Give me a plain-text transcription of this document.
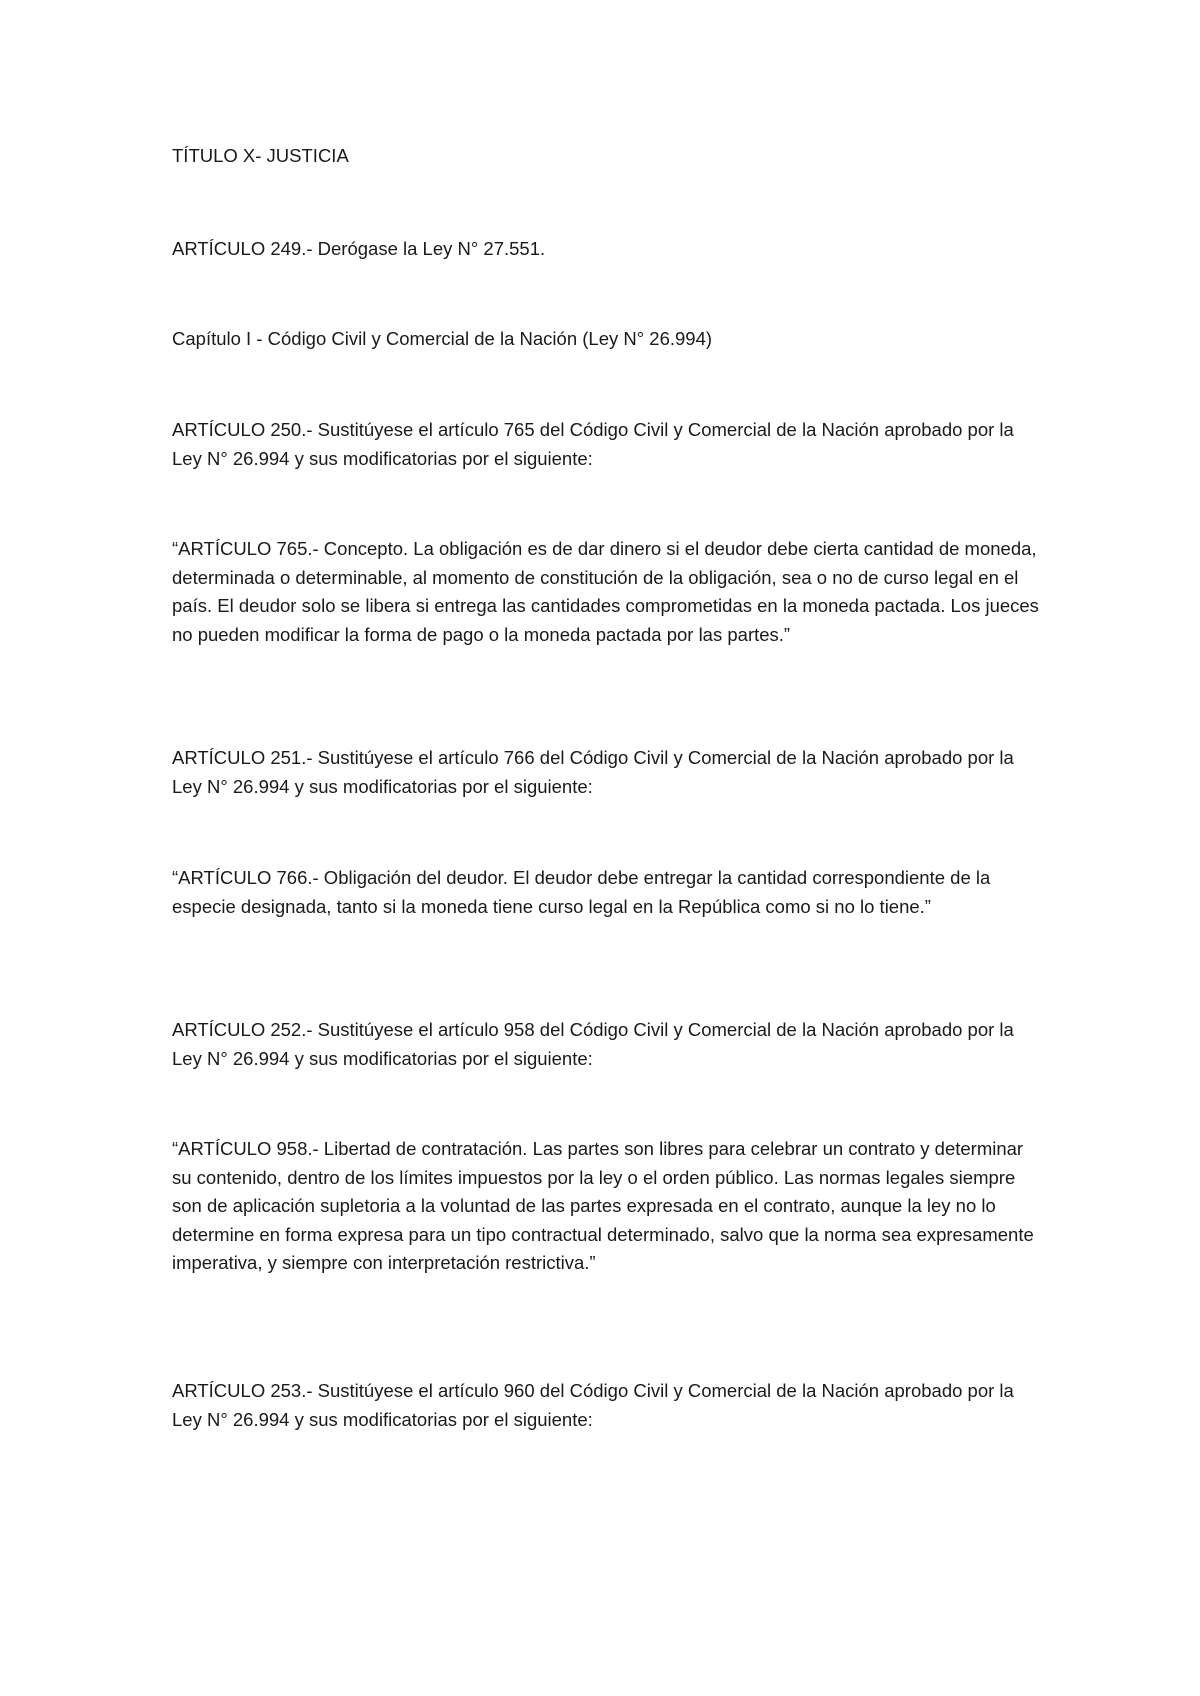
TÍTULO X- JUSTICIA

ARTÍCULO 249.- Derógase la Ley N° 27.551.

Capítulo I - Código Civil y Comercial de la Nación (Ley N° 26.994)

ARTÍCULO 250.- Sustitúyese el artículo 765 del Código Civil y Comercial de la Nación aprobado por la Ley N° 26.994 y sus modificatorias por el siguiente:

“ARTÍCULO 765.- Concepto. La obligación es de dar dinero si el deudor debe cierta cantidad de moneda, determinada o determinable, al momento de constitución de la obligación, sea o no de curso legal en el país. El deudor solo se libera si entrega las cantidades comprometidas en la moneda pactada. Los jueces no pueden modificar la forma de pago o la moneda pactada por las partes.”

ARTÍCULO 251.- Sustitúyese el artículo 766 del Código Civil y Comercial de la Nación aprobado por la Ley N° 26.994 y sus modificatorias por el siguiente:

“ARTÍCULO 766.- Obligación del deudor. El deudor debe entregar la cantidad correspondiente de la especie designada, tanto si la moneda tiene curso legal en la República como si no lo tiene.”

ARTÍCULO 252.- Sustitúyese el artículo 958 del Código Civil y Comercial de la Nación aprobado por la Ley N° 26.994 y sus modificatorias por el siguiente:

“ARTÍCULO 958.- Libertad de contratación. Las partes son libres para celebrar un contrato y determinar su contenido, dentro de los límites impuestos por la ley o el orden público. Las normas legales siempre son de aplicación supletoria a la voluntad de las partes expresada en el contrato, aunque la ley no lo determine en forma expresa para un tipo contractual determinado, salvo que la norma sea expresamente imperativa, y siempre con interpretación restrictiva.”

ARTÍCULO 253.- Sustitúyese el artículo 960 del Código Civil y Comercial de la Nación aprobado por la Ley N° 26.994 y sus modificatorias por el siguiente:
